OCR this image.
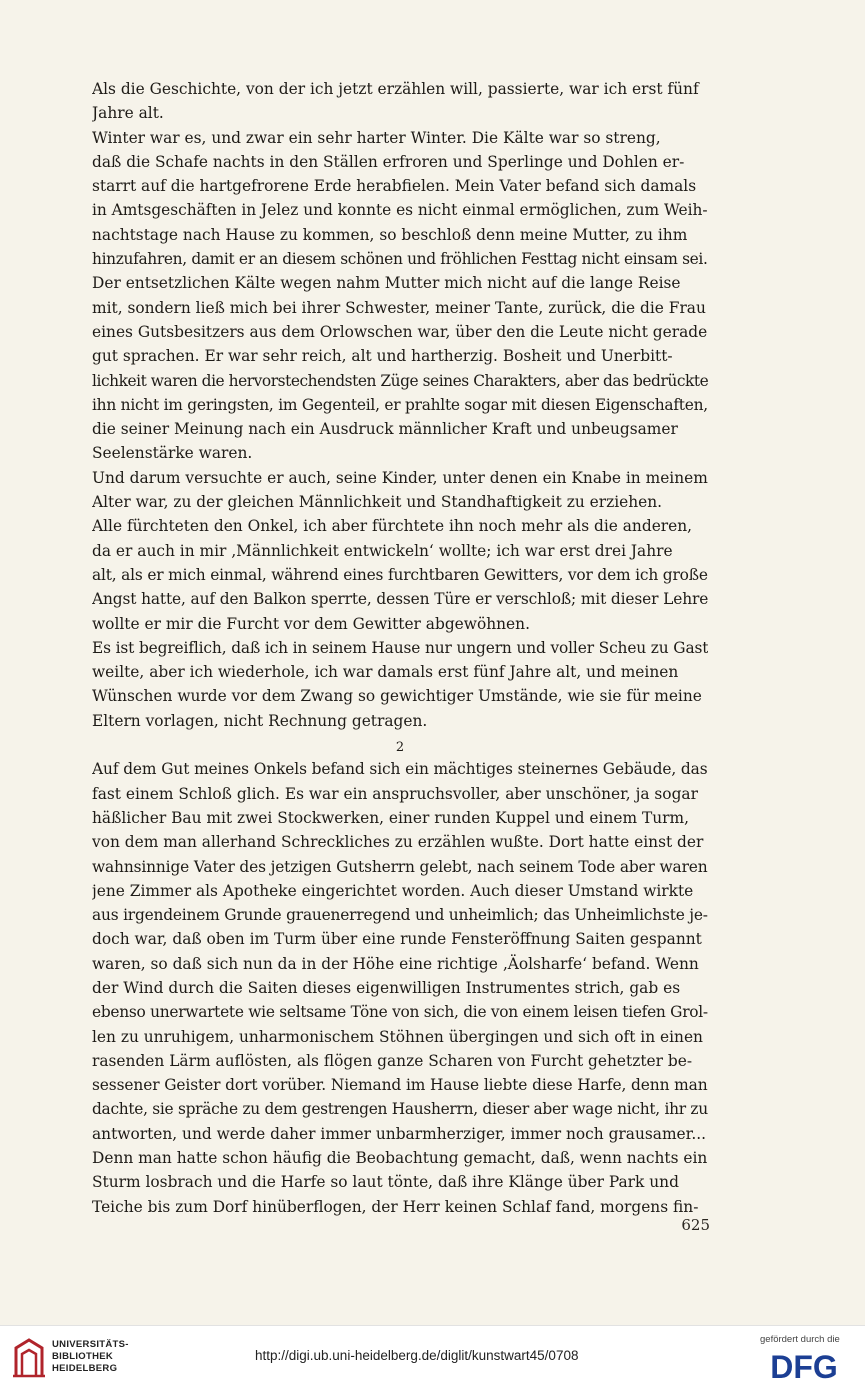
Als die Geschichte, von der ich jetzt erzählen will, passierte, war ich erst fünf
Jahre alt.
Winter war es, und zwar ein sehr harter Winter. Die Kälte war so streng,
daß die Schafe nachts in den Ställen erfroren und Sperlinge und Dohlen er-
starrt auf die hartgefrorene Erde herabfielen. Mein Vater befand sich damals
in Amtsgeschäften in Jelez und konnte es nicht einmal ermöglichen, zum Weih-
nachtstage nach Hause zu kommen, so beschloß denn meine Mutter, zu ihm
hinzufahren, damit er an diesem schönen und fröhlichen Festtag nicht einsam sei.
Der entsetzlichen Kälte wegen nahm Mutter mich nicht auf die lange Reise
mit, sondern ließ mich bei ihrer Schwester, meiner Tante, zurück, die die Frau
eines Gutsbesitzers aus dem Orlowschen war, über den die Leute nicht gerade
gut sprachen. Er war sehr reich, alt und hartherzig. Bosheit und Unerbitt-
lichkeit waren die hervorstechendsten Züge seines Charakters, aber das bedrückte
ihn nicht im geringsten, im Gegenteil, er prahlte sogar mit diesen Eigenschaften,
die seiner Meinung nach ein Ausdruck männlicher Kraft und unbeugsamer
Seelenstärke waren.
Und darum versuchte er auch, seine Kinder, unter denen ein Knabe in meinem
Alter war, zu der gleichen Männlichkeit und Standhaftigkeit zu erziehen.
Alle fürchteten den Onkel, ich aber fürchtete ihn noch mehr als die anderen,
da er auch in mir ‚Männlichkeit entwickeln‘ wollte; ich war erst drei Jahre
alt, als er mich einmal, während eines furchtbaren Gewitters, vor dem ich große
Angst hatte, auf den Balkon sperrte, dessen Türe er verschloß; mit dieser Lehre
wollte er mir die Furcht vor dem Gewitter abgewöhnen.
Es ist begreiflich, daß ich in seinem Hause nur ungern und voller Scheu zu Gast
weilte, aber ich wiederhole, ich war damals erst fünf Jahre alt, und meinen
Wünschen wurde vor dem Zwang so gewichtiger Umstände, wie sie für meine
Eltern vorlagen, nicht Rechnung getragen.
2
Auf dem Gut meines Onkels befand sich ein mächtiges steinernes Gebäude, das
fast einem Schloß glich. Es war ein anspruchsvoller, aber unschöner, ja sogar
häßlicher Bau mit zwei Stockwerken, einer runden Kuppel und einem Turm,
von dem man allerhand Schreckliches zu erzählen wußte. Dort hatte einst der
wahnsinnige Vater des jetzigen Gutsherrn gelebt, nach seinem Tode aber waren
jene Zimmer als Apotheke eingerichtet worden. Auch dieser Umstand wirkte
aus irgendeinem Grunde grauenerregend und unheimlich; das Unheimlichste je-
doch war, daß oben im Turm über eine runde Fensteröffnung Saiten gespannt
waren, so daß sich nun da in der Höhe eine richtige ‚Äolsharfe‘ befand. Wenn
der Wind durch die Saiten dieses eigenwilligen Instrumentes strich, gab es
ebenso unerwartete wie seltsame Töne von sich, die von einem leisen tiefen Grol-
len zu unruhigem, unharmonischem Stöhnen übergingen und sich oft in einen
rasenden Lärm auflösten, als flögen ganze Scharen von Furcht gehetzter be-
sessener Geister dort vorüber. Niemand im Hause liebte diese Harfe, denn man
dachte, sie spräche zu dem gestrengen Hausherrn, dieser aber wage nicht, ihr zu
antworten, und werde daher immer unbarmherziger, immer noch grausamer...
Denn man hatte schon häufig die Beobachtung gemacht, daß, wenn nachts ein
Sturm losbrach und die Harfe so laut tönte, daß ihre Klänge über Park und
Teiche bis zum Dorf hinüberflogen, der Herr keinen Schlaf fand, morgens fin-
625
UNIVERSITÄTS-
BIBLIOTHEK
HEIDELBERG
http://digi.ub.uni-heidelberg.de/diglit/kunstwart45/0708
gefördert durch die
DFG
